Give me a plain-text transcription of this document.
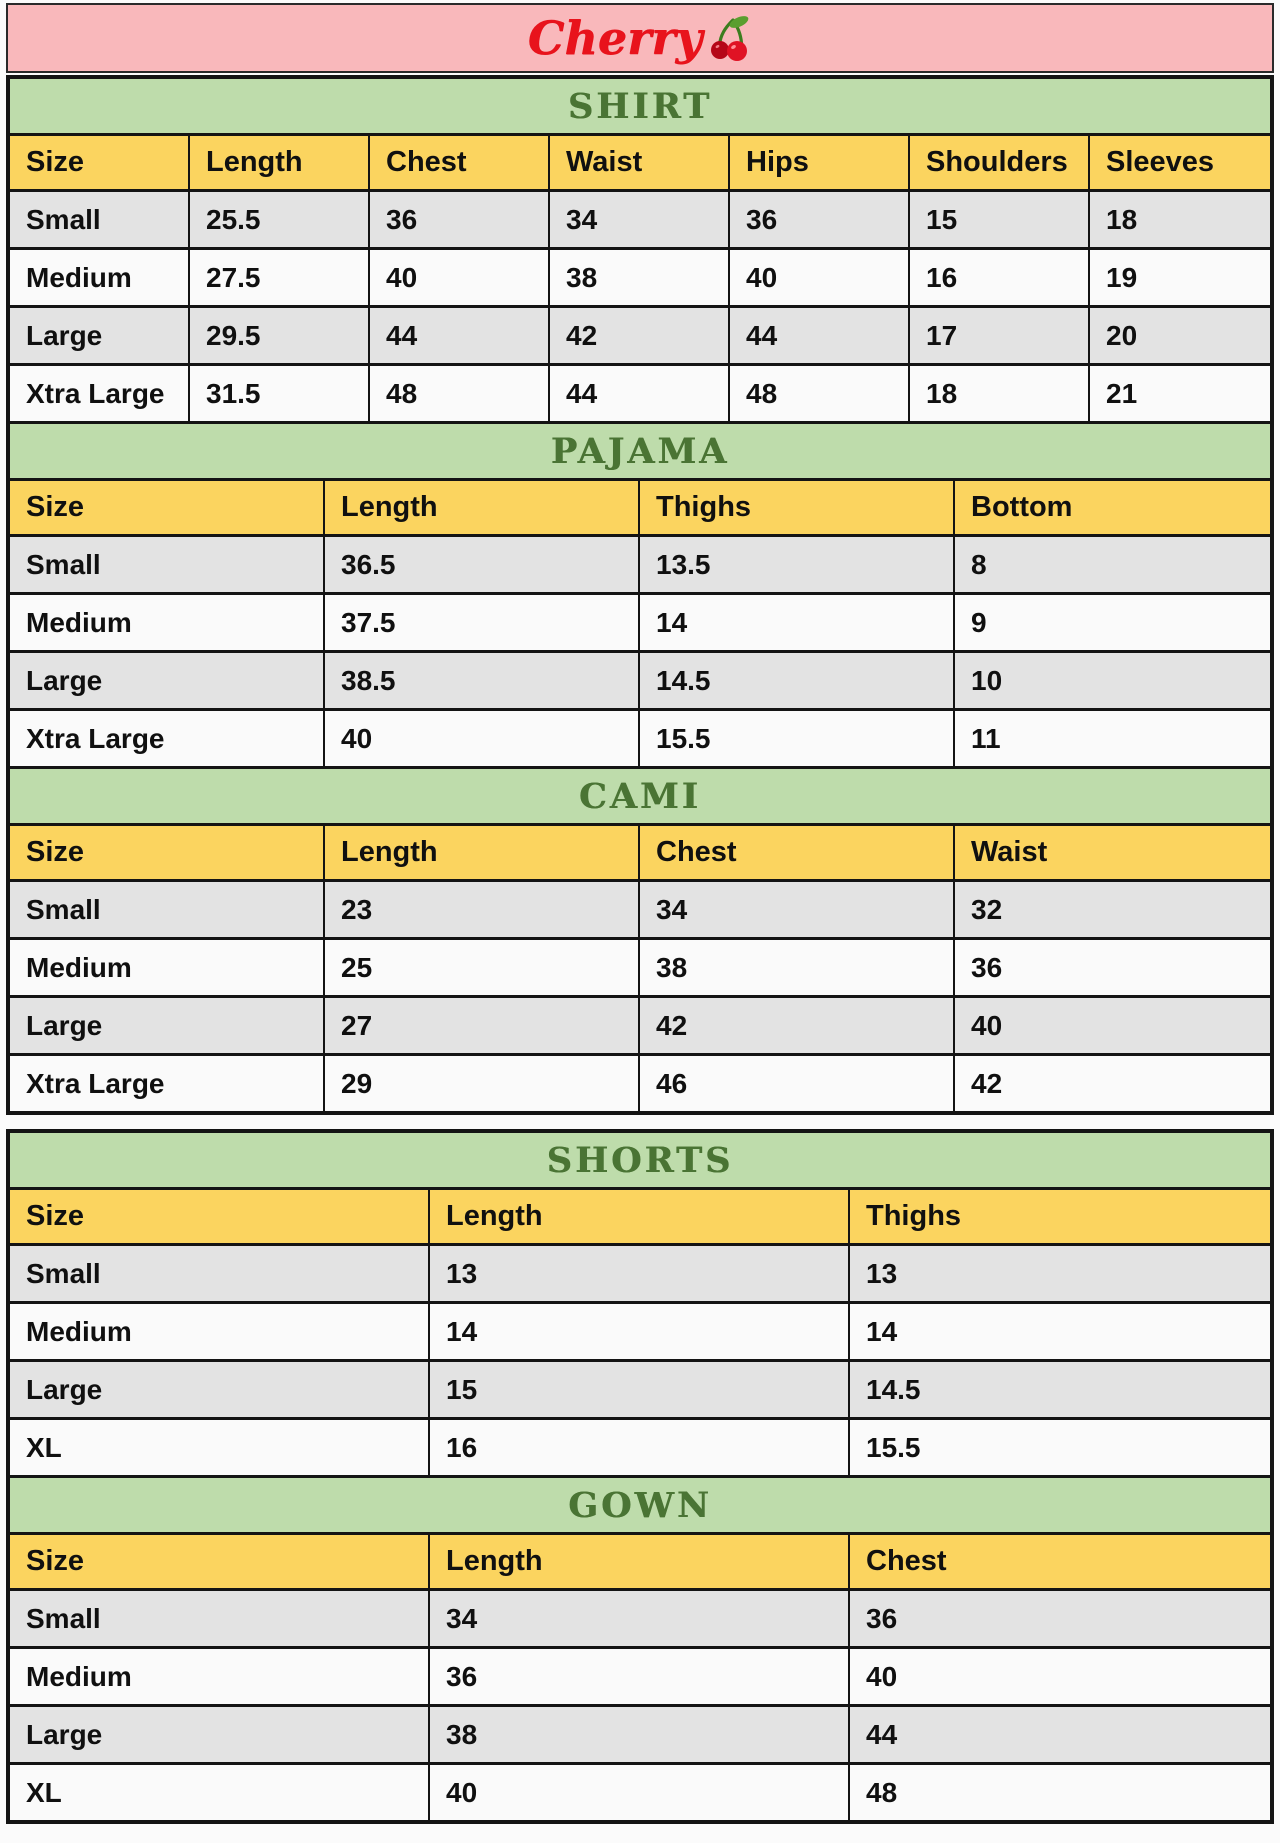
Cherry
SHIRT
Size	Length	Chest	Waist	Hips	Shoulders	Sleeves
Small	25.5	36	34	36	15	18
Medium	27.5	40	38	40	16	19
Large	29.5	44	42	44	17	20
Xtra Large	31.5	48	44	48	18	21
PAJAMA
Size	Length	Thighs	Bottom
Small	36.5	13.5	8
Medium	37.5	14	9
Large	38.5	14.5	10
Xtra Large	40	15.5	11
CAMI
Size	Length	Chest	Waist
Small	23	34	32
Medium	25	38	36
Large	27	42	40
Xtra Large	29	46	42
SHORTS
Size	Length	Thighs
Small	13	13
Medium	14	14
Large	15	14.5
XL	16	15.5
GOWN
Size	Length	Chest
Small	34	36
Medium	36	40
Large	38	44
XL	40	48
